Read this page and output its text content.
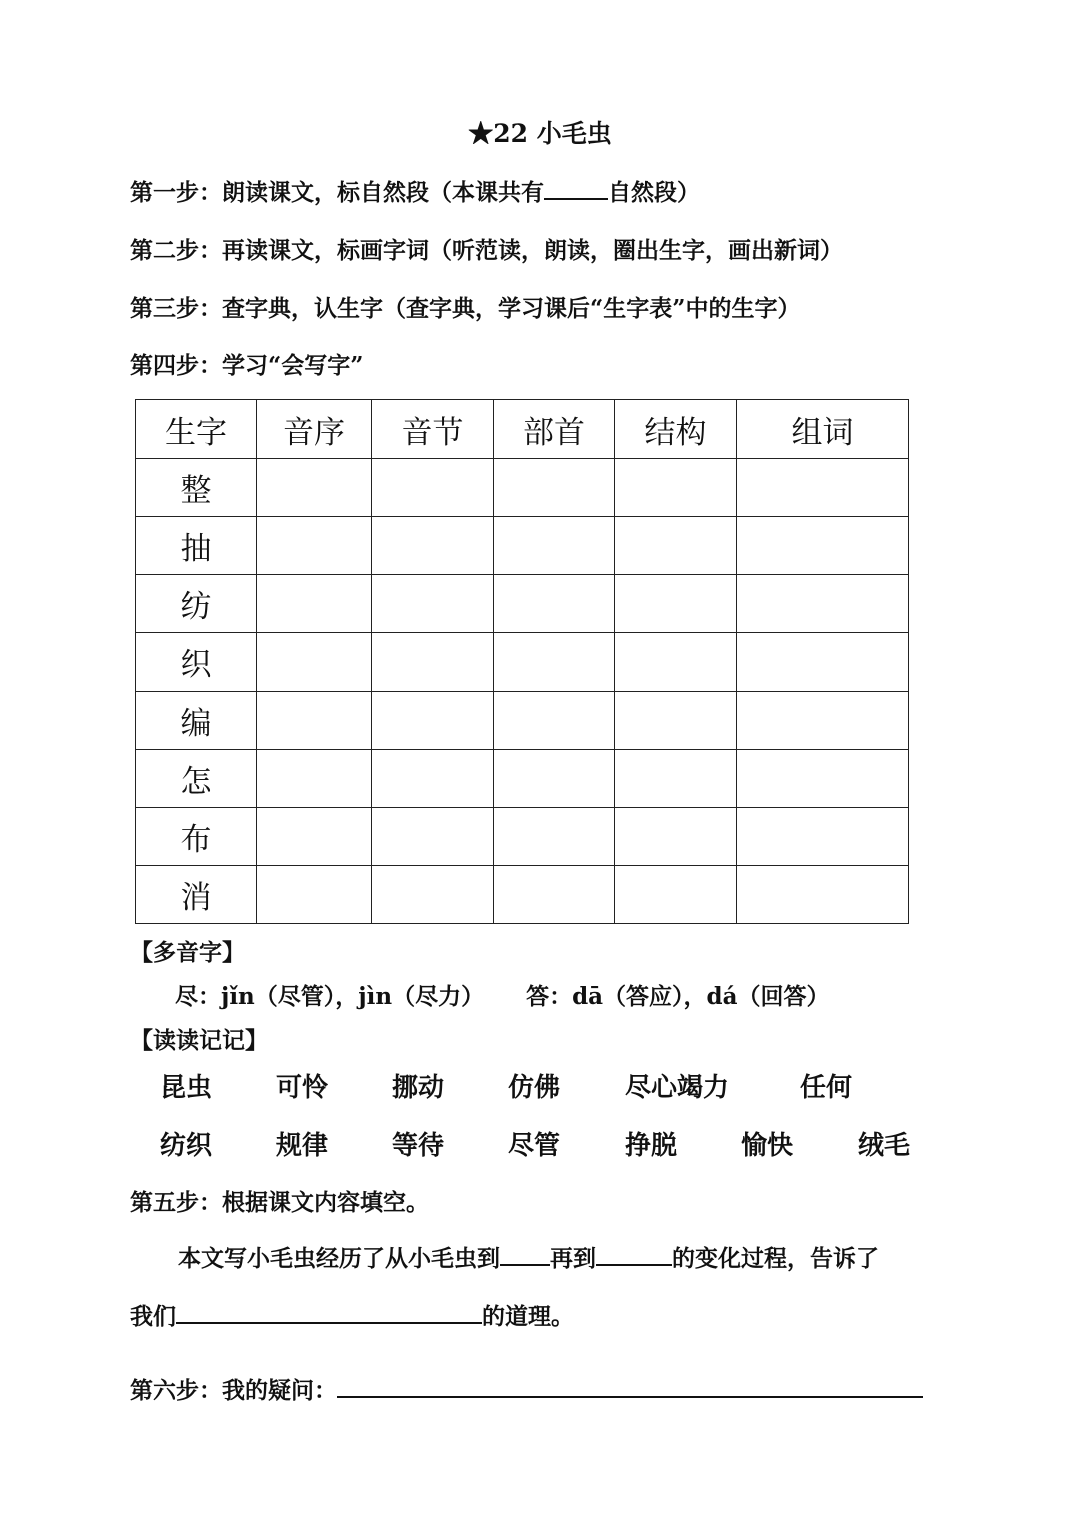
★22 小毛虫
第一步：朗读课文，标自然段（本课共有	自然段）
第二步：再读课文，标画字词（听范读，朗读，圈出生字，画出新词）
第三步：查字典，认生字（查字典，学习课后“生字表”中的生字）
第四步：学习“会写字”
生字	音序	音节	部首	结构	组词
整					
抽					
纺					
织					
编					
怎					
布					
消					
【多音字】
尽：jǐn（尽管），jìn（尽力） 答：dā（答应），dá（回答）
【读读记记】
昆虫 可怜 挪动 仿佛 尽心竭力	任何
纺织 规律 等待 尽管 挣脱 愉快 绒毛
第五步：根据课文内容填空。
本文写小毛虫经历了从小毛虫到 再到	的变化过程，告诉了
我们	的道理。
第六步：我的疑问：
